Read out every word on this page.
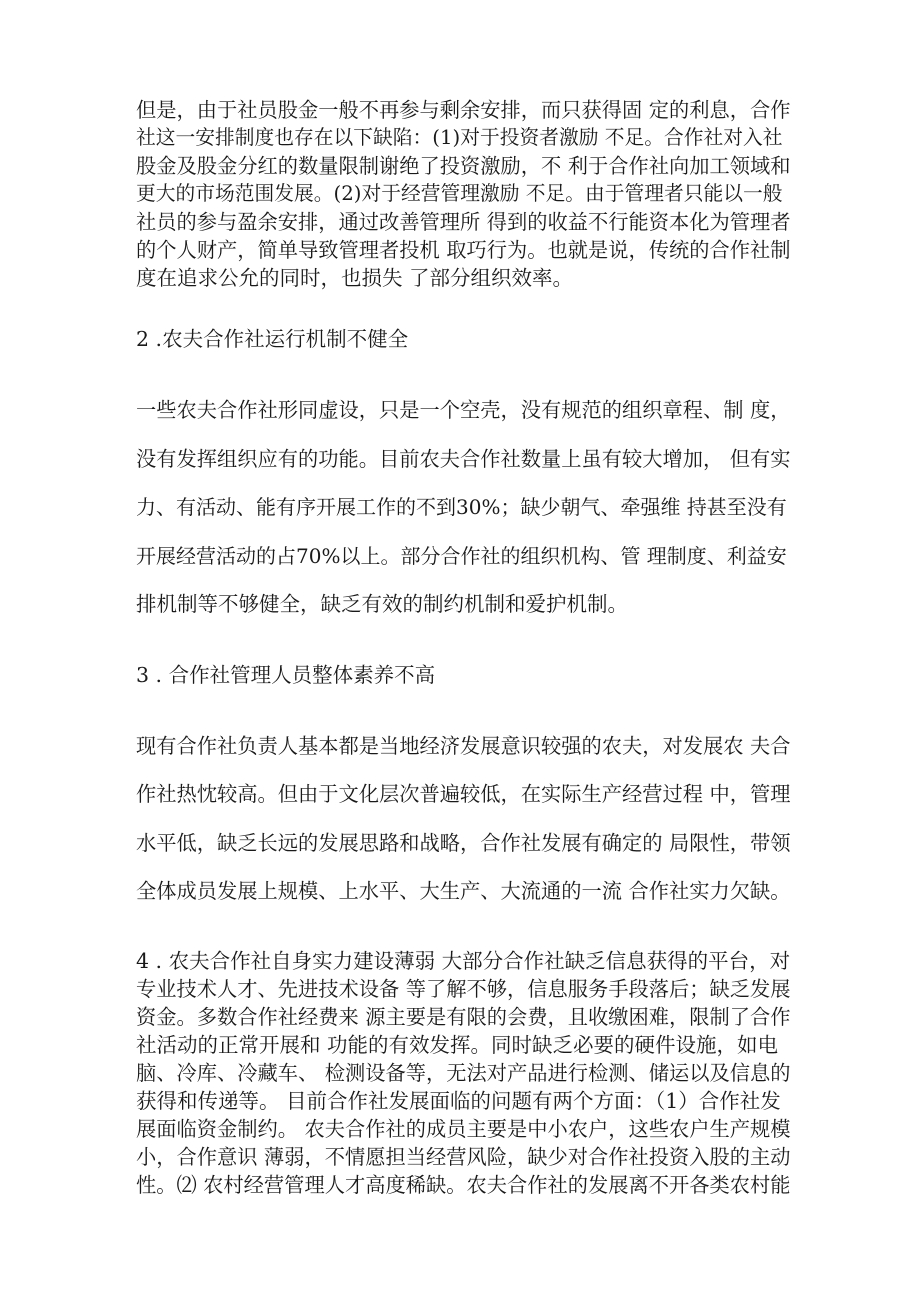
但是，由于社员股金一般不再参与剩余安排，而只获得固 定的利息，合作
社这一安排制度也存在以下缺陷：(1)对于投资者激励 不足。合作社对入社
股金及股金分红的数量限制谢绝了投资激励，不 利于合作社向加工领域和
更大的市场范围发展。(2)对于经营管理激励 不足。由于管理者只能以一般
社员的参与盈余安排，通过改善管理所 得到的收益不行能资本化为管理者
的个人财产，简单导致管理者投机 取巧行为。也就是说，传统的合作社制
度在追求公允的同时，也损失 了部分组织效率。
2 .农夫合作社运行机制不健全
一些农夫合作社形同虚设，只是一个空壳，没有规范的组织章程、制 度，
没有发挥组织应有的功能。目前农夫合作社数量上虽有较大增加， 但有实
力、有活动、能有序开展工作的不到30%；缺少朝气、牵强维 持甚至没有
开展经营活动的占70%以上。部分合作社的组织机构、管 理制度、利益安
排机制等不够健全，缺乏有效的制约机制和爱护机制。
3 . 合作社管理人员整体素养不高
现有合作社负责人基本都是当地经济发展意识较强的农夫，对发展农 夫合
作社热忱较高。但由于文化层次普遍较低，在实际生产经营过程 中，管理
水平低，缺乏长远的发展思路和战略，合作社发展有确定的 局限性，带领
全体成员发展上规模、上水平、大生产、大流通的一流 合作社实力欠缺。
4 . 农夫合作社自身实力建设薄弱 大部分合作社缺乏信息获得的平台，对
专业技术人才、先进技术设备 等了解不够，信息服务手段落后；缺乏发展
资金。多数合作社经费来 源主要是有限的会费，且收缴困难，限制了合作
社活动的正常开展和 功能的有效发挥。同时缺乏必要的硬件设施，如电
脑、冷库、冷藏车、 检测设备等，无法对产品进行检测、储运以及信息的
获得和传递等。 目前合作社发展面临的问题有两个方面：（1）合作社发
展面临资金制约。 农夫合作社的成员主要是中小农户，这些农户生产规模
小，合作意识 薄弱，不情愿担当经营风险，缺少对合作社投资入股的主动
性。⑵ 农村经营管理人才高度稀缺。农夫合作社的发展离不开各类农村能
